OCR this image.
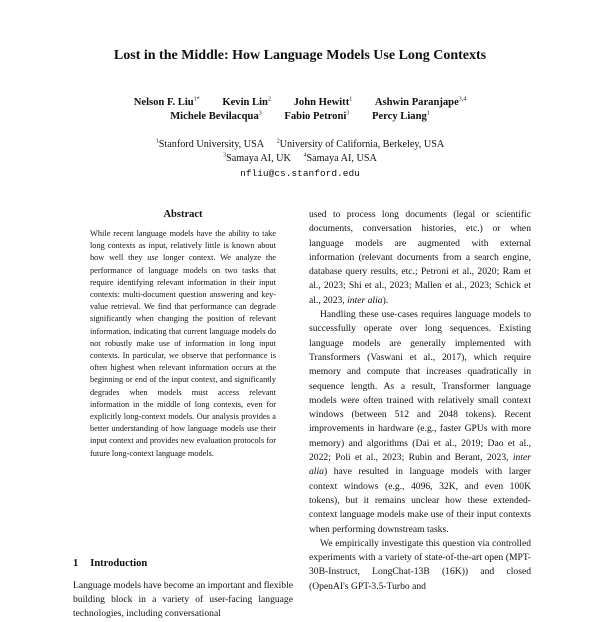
Lost in the Middle: How Language Models Use Long Contexts
Nelson F. Liu$^{1*}$ Kevin Lin$^2$ John Hewitt$^1$ Ashwin Paranjape$^{3,4}$
Michele Bevilacqua$^3$ Fabio Petroni$^3$ Percy Liang$^1$
$^1$Stanford University, USA $^2$University of California, Berkeley, USA
$^3$Samaya AI, UK $^4$Samaya AI, USA
nfliu@cs.stanford.edu
Abstract
While recent language models have the ability to take long contexts as input, relatively little is known about how well they use longer context. We analyze the performance of language models on two tasks that require identifying relevant information in their input contexts: multi-document question answering and key-value retrieval. We find that performance can degrade significantly when changing the position of relevant information, indicating that current language models do not robustly make use of information in long input contexts. In particular, we observe that performance is often highest when relevant information occurs at the beginning or end of the input context, and significantly degrades when models must access relevant information in the middle of long contexts, even for explicitly long-context models. Our analysis provides a better understanding of how language models use their input context and provides new evaluation protocols for future long-context language models.
1 Introduction
Language models have become an important and flexible building block in a variety of user-facing language technologies, including conversational

used to process long documents (legal or scientific documents, conversation histories, etc.) or when language models are augmented with external information (relevant documents from a search engine, database query results, etc.; Petroni et al., 2020; Ram et al., 2023; Shi et al., 2023; Mallen et al., 2023; Schick et al., 2023, inter alia).

Handling these use-cases requires language models to successfully operate over long sequences. Existing language models are generally implemented with Transformers (Vaswani et al., 2017), which require memory and compute that increases quadratically in sequence length. As a result, Transformer language models were often trained with relatively small context windows (between 512 and 2048 tokens). Recent improvements in hardware (e.g., faster GPUs with more memory) and algorithms (Dai et al., 2019; Dao et al., 2022; Poli et al., 2023; Rubin and Berant, 2023, inter alia) have resulted in language models with larger context windows (e.g., 4096, 32K, and even 100K tokens), but it remains unclear how these extended-context language models make use of their input contexts when performing downstream tasks.

We empirically investigate this question via controlled experiments with a variety of state-of-the-art open (MPT-30B-Instruct, LongChat-13B (16K)) and closed (OpenAI's GPT-3.5-Turbo and
